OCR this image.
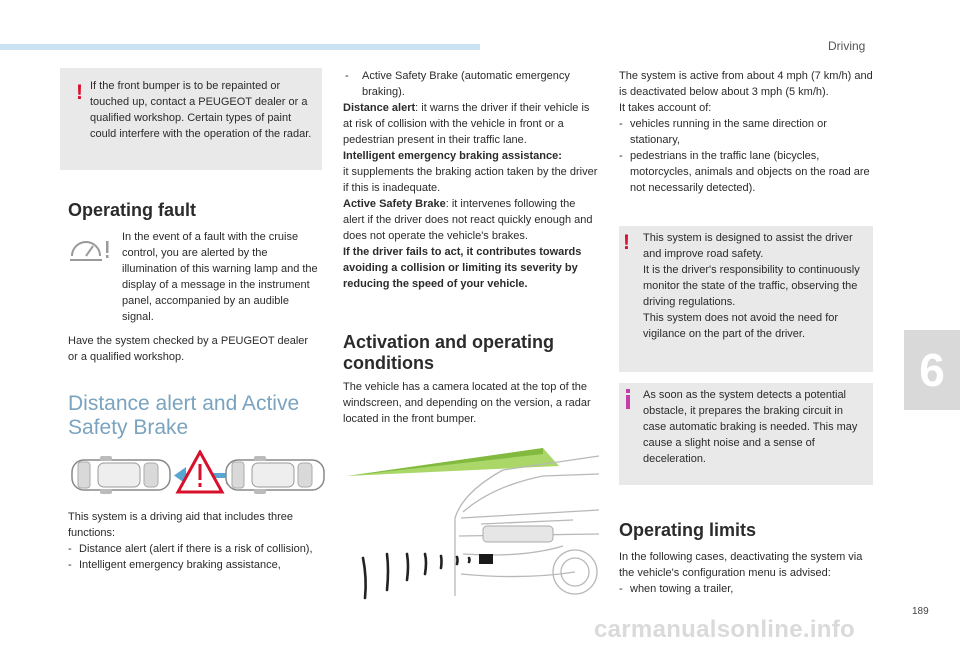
Driving
6
! If the front bumper is to be repainted or touched up, contact a PEUGEOT dealer or a qualified workshop. Certain types of paint could interfere with the operation of the radar.
Operating fault
In the event of a fault with the cruise control, you are alerted by the illumination of this warning lamp and the display of a message in the instrument panel, accompanied by an audible signal.
Have the system checked by a PEUGEOT dealer or a qualified workshop.
Distance alert and Active
Safety Brake
This system is a driving aid that includes three functions:
- Distance alert (alert if there is a risk of collision),
- Intelligent emergency braking assistance,
-	Active Safety Brake (automatic emergency braking).

Distance alert: it warns the driver if their vehicle is at risk of collision with the vehicle in front or a pedestrian present in their traffic lane.

Intelligent emergency braking assistance:
it supplements the braking action taken by the driver if this is inadequate.

Active Safety Brake: it intervenes following the alert if the driver does not react quickly enough and does not operate the vehicle's brakes.

If the driver fails to act, it contributes towards avoiding a collision or limiting its severity by reducing the speed of your vehicle.

Activation and operating
conditions
The vehicle has a camera located at the top of the windscreen, and depending on the version, a radar located in the front bumper.

The system is active from about 4 mph (7 km/h) and is deactivated below about 3 mph (5 km/h).

It takes account of:

- vehicles running in the same direction or stationary,
- pedestrians in the traffic lane (bicycles, motorcycles, animals and objects on the road are not necessarily detected).
! This system is designed to assist the driver and improve road safety.

It is the driver's responsibility to continuously monitor the state of the traffic, observing the driving regulations.

This system does not avoid the need for vigilance on the part of the driver.

As soon as the system detects a potential obstacle, it prepares the braking circuit in case automatic braking is needed. This may cause a slight noise and a sense of deceleration.
Operating limits

In the following cases, deactivating the system via the vehicle's configuration menu is advised:

- when towing a trailer,
189
carmanualsonline.info
